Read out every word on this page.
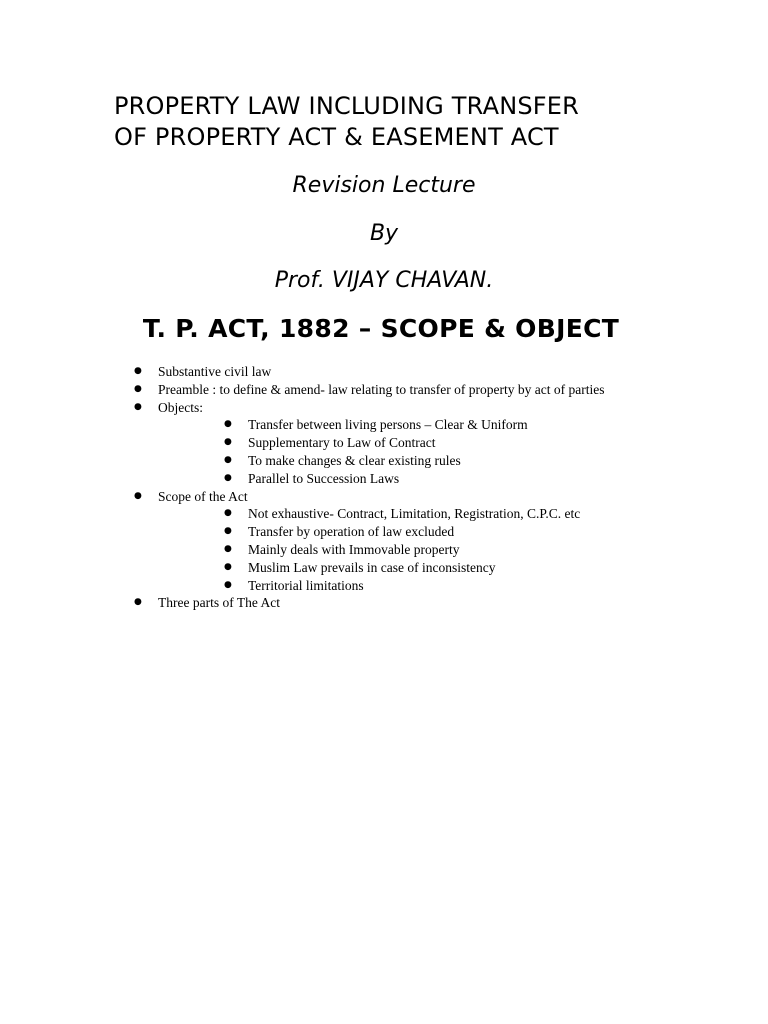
PROPERTY LAW INCLUDING TRANSFER
OF PROPERTY ACT & EASEMENT ACT

Revision Lecture

By

Prof. VIJAY CHAVAN.

T. P. ACT, 1882 – SCOPE & OBJECT
● Substantive civil law
● Preamble : to define & amend- law relating to transfer of property by act of parties
● Objects:
● Transfer between living persons – Clear & Uniform
● Supplementary to Law of Contract
● To make changes & clear existing rules
● Parallel to Succession Laws
● Scope of the Act
● Not exhaustive- Contract, Limitation, Registration, C.P.C. etc
● Transfer by operation of law excluded
● Mainly deals with Immovable property
● Muslim Law prevails in case of inconsistency
● Territorial limitations
● Three parts of The Act
